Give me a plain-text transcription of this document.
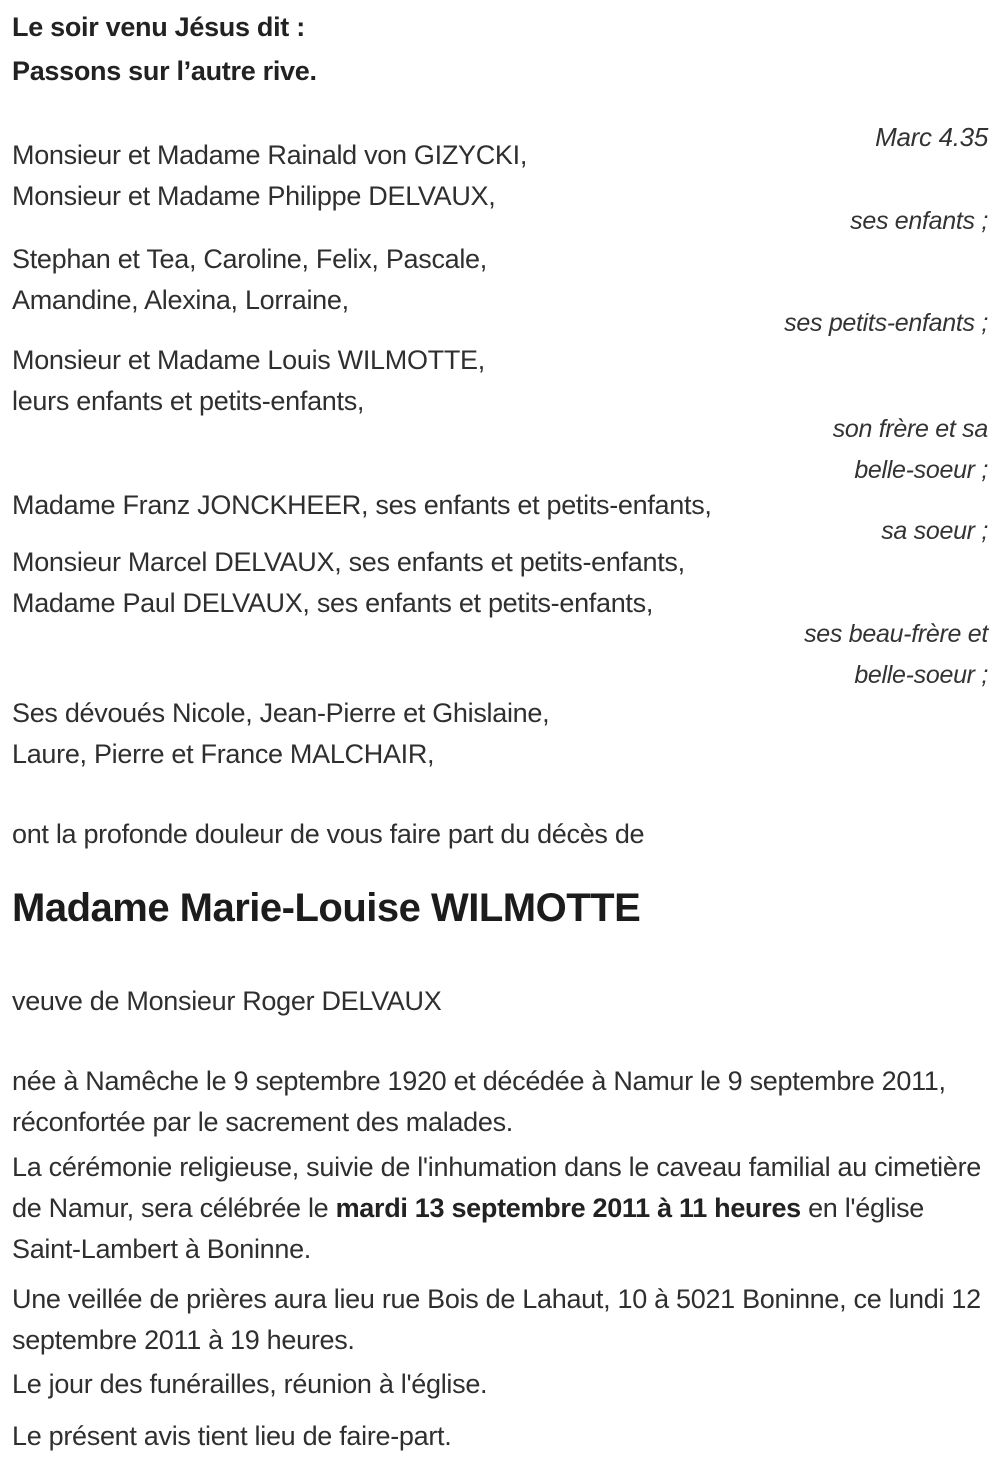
Le soir venu Jésus dit :
Passons sur l’autre rive.
Marc 4.35
Monsieur et Madame Rainald von GIZYCKI,
Monsieur et Madame Philippe DELVAUX,
ses enfants ;
Stephan et Tea, Caroline, Felix, Pascale,
Amandine, Alexina, Lorraine,
ses petits-enfants ;
Monsieur et Madame Louis WILMOTTE,
leurs enfants et petits-enfants,
son frère et sa
belle-soeur ;
Madame Franz JONCKHEER, ses enfants et petits-enfants,
sa soeur ;
Monsieur Marcel DELVAUX, ses enfants et petits-enfants,
Madame Paul DELVAUX, ses enfants et petits-enfants,
ses beau-frère et
belle-soeur ;
Ses dévoués Nicole, Jean-Pierre et Ghislaine,
Laure, Pierre et France MALCHAIR,
ont la profonde douleur de vous faire part du décès de
Madame Marie-Louise WILMOTTE
veuve de Monsieur Roger DELVAUX
née à Namêche le 9 septembre 1920 et décédée à Namur le 9 septembre 2011, réconfortée par le sacrement des malades.
La cérémonie religieuse, suivie de l'inhumation dans le caveau familial au cimetière de Namur, sera célébrée le mardi 13 septembre 2011 à 11 heures en l'église Saint-Lambert à Boninne.
Une veillée de prières aura lieu rue Bois de Lahaut, 10 à 5021 Boninne, ce lundi 12 septembre 2011 à 19 heures.
Le jour des funérailles, réunion à l'église.
Le présent avis tient lieu de faire-part.
